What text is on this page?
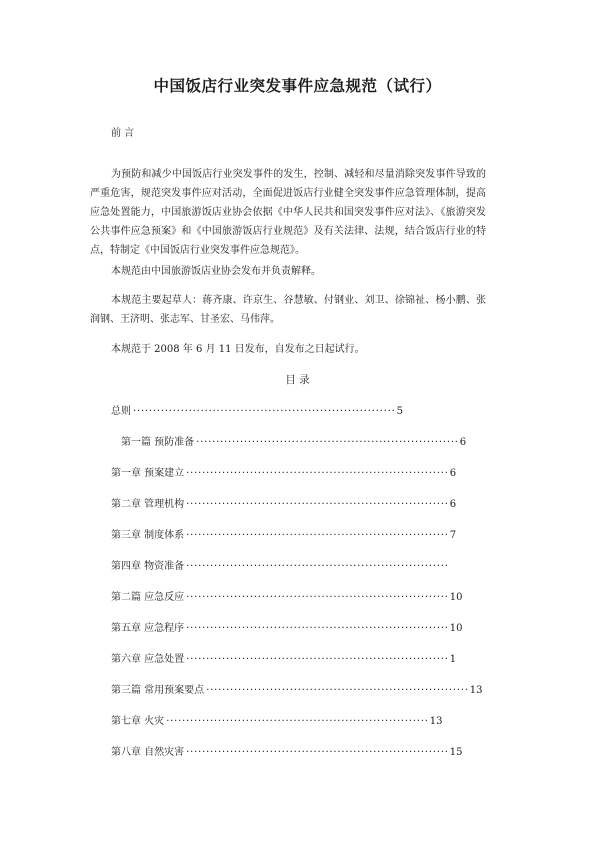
中国饭店行业突发事件应急规范（试行）
前 言
为预防和减少中国饭店行业突发事件的发生，控制、减轻和尽量消除突发事件导致的严重危害，规范突发事件应对活动，全面促进饭店行业健全突发事件应急管理体制，提高应急处置能力，中国旅游饭店业协会依据《中华人民共和国突发事件应对法》、《旅游突发公共事件应急预案》和《中国旅游饭店行业规范》及有关法律、法规，结合饭店行业的特点，特制定《中国饭店行业突发事件应急规范》。
本规范由中国旅游饭店业协会发布并负责解释。
本规范主要起草人：蒋齐康、许京生、谷慧敏、付钢业、刘卫、徐锦祉、杨小鹏、张润钢、王济明、张志军、甘圣宏、马伟萍。
本规范于 2008 年 6 月 11 日发布，自发布之日起试行。
目 录
总则 ·································································· 5
第一篇 预防准备 ·································································· 6
第一章 预案建立 ·································································· 6
第二章 管理机构 ·································································· 6
第三章 制度体系 ·································································· 7
第四章 物资准备 ··································································
第二篇 应急反应 ·································································· 10
第五章 应急程序 ·································································· 10
第六章 应急处置 ·································································· 1
第三篇 常用预案要点 ·································································· 13
第七章 火灾 ·································································· 13
第八章 自然灾害 ·································································· 15
